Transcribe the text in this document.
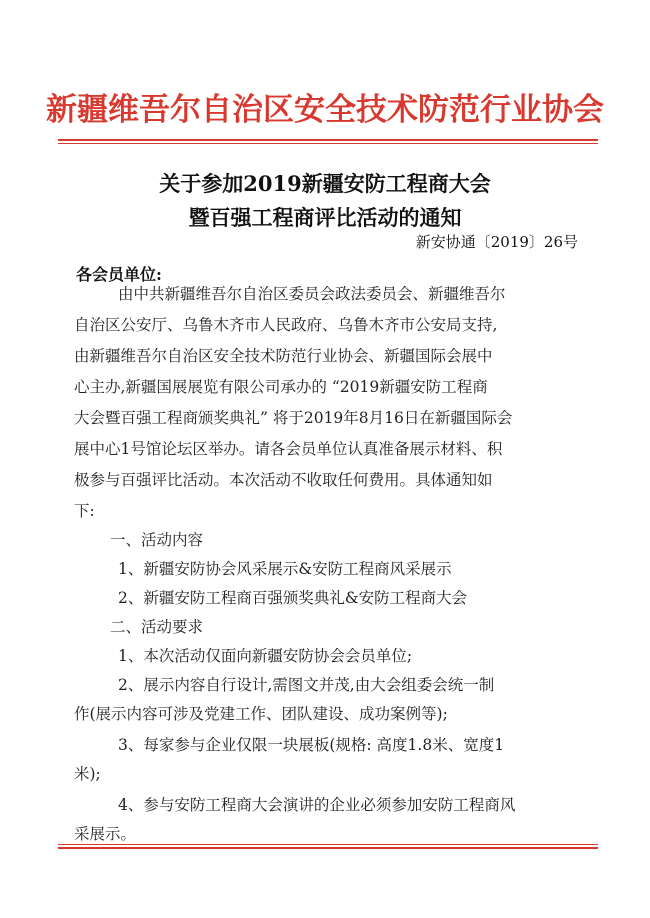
新疆维吾尔自治区安全技术防范行业协会
关于参加2019新疆安防工程商大会
暨百强工程商评比活动的通知
新安协通〔2019〕26号
各会员单位:
由中共新疆维吾尔自治区委员会政法委员会、新疆维吾尔
自治区公安厅、乌鲁木齐市人民政府、乌鲁木齐市公安局支持,
由新疆维吾尔自治区安全技术防范行业协会、新疆国际会展中
心主办,新疆国展展览有限公司承办的 “2019新疆安防工程商
大会暨百强工程商颁奖典礼” 将于2019年8月16日在新疆国际会
展中心1号馆论坛区举办。请各会员单位认真准备展示材料、积
极参与百强评比活动。本次活动不收取任何费用。具体通知如
下:
一、活动内容
1、新疆安防协会风采展示&安防工程商风采展示
2、新疆安防工程商百强颁奖典礼&安防工程商大会
二、活动要求
1、本次活动仅面向新疆安防协会会员单位;
2、展示内容自行设计,需图文并茂,由大会组委会统一制
作(展示内容可涉及党建工作、团队建设、成功案例等);
3、每家参与企业仅限一块展板(规格: 高度1.8米、宽度1
米);
4、参与安防工程商大会演讲的企业必须参加安防工程商风
采展示。
